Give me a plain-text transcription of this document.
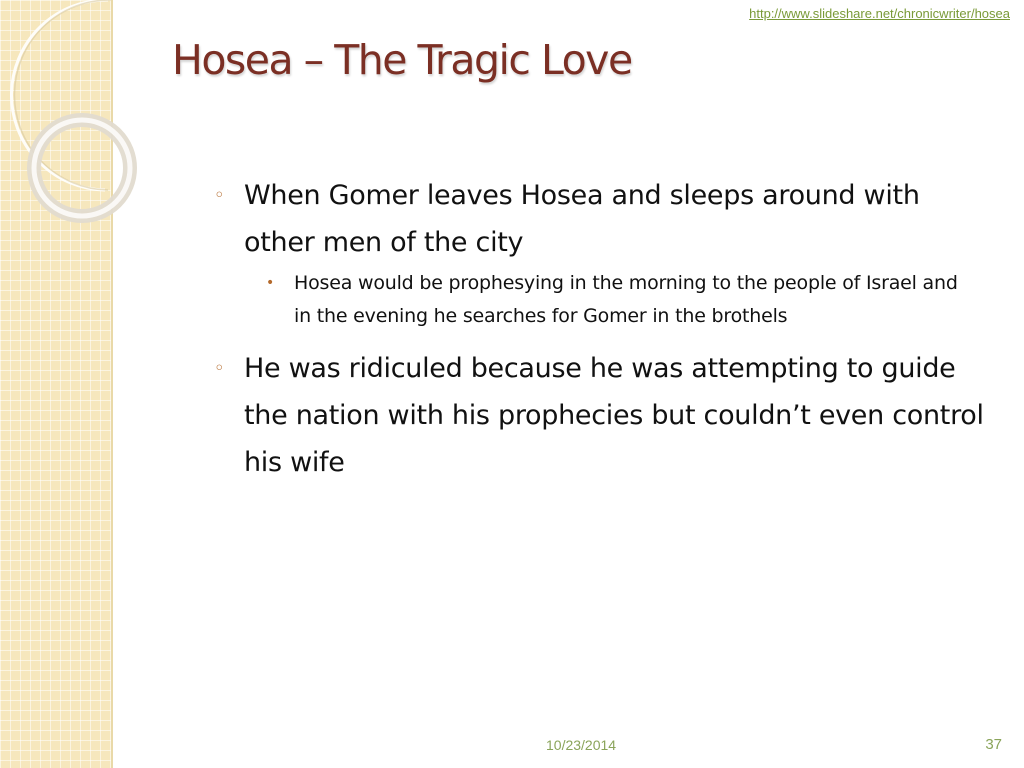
http://www.slideshare.net/chronicwriter/hosea
Hosea – The Tragic Love
◦ When Gomer leaves Hosea and sleeps around with other men of the city
• Hosea would be prophesying in the morning to the people of Israel and in the evening he searches for Gomer in the brothels
◦ He was ridiculed because he was attempting to guide the nation with his prophecies but couldn’t even control his wife
10/23/2014	37
